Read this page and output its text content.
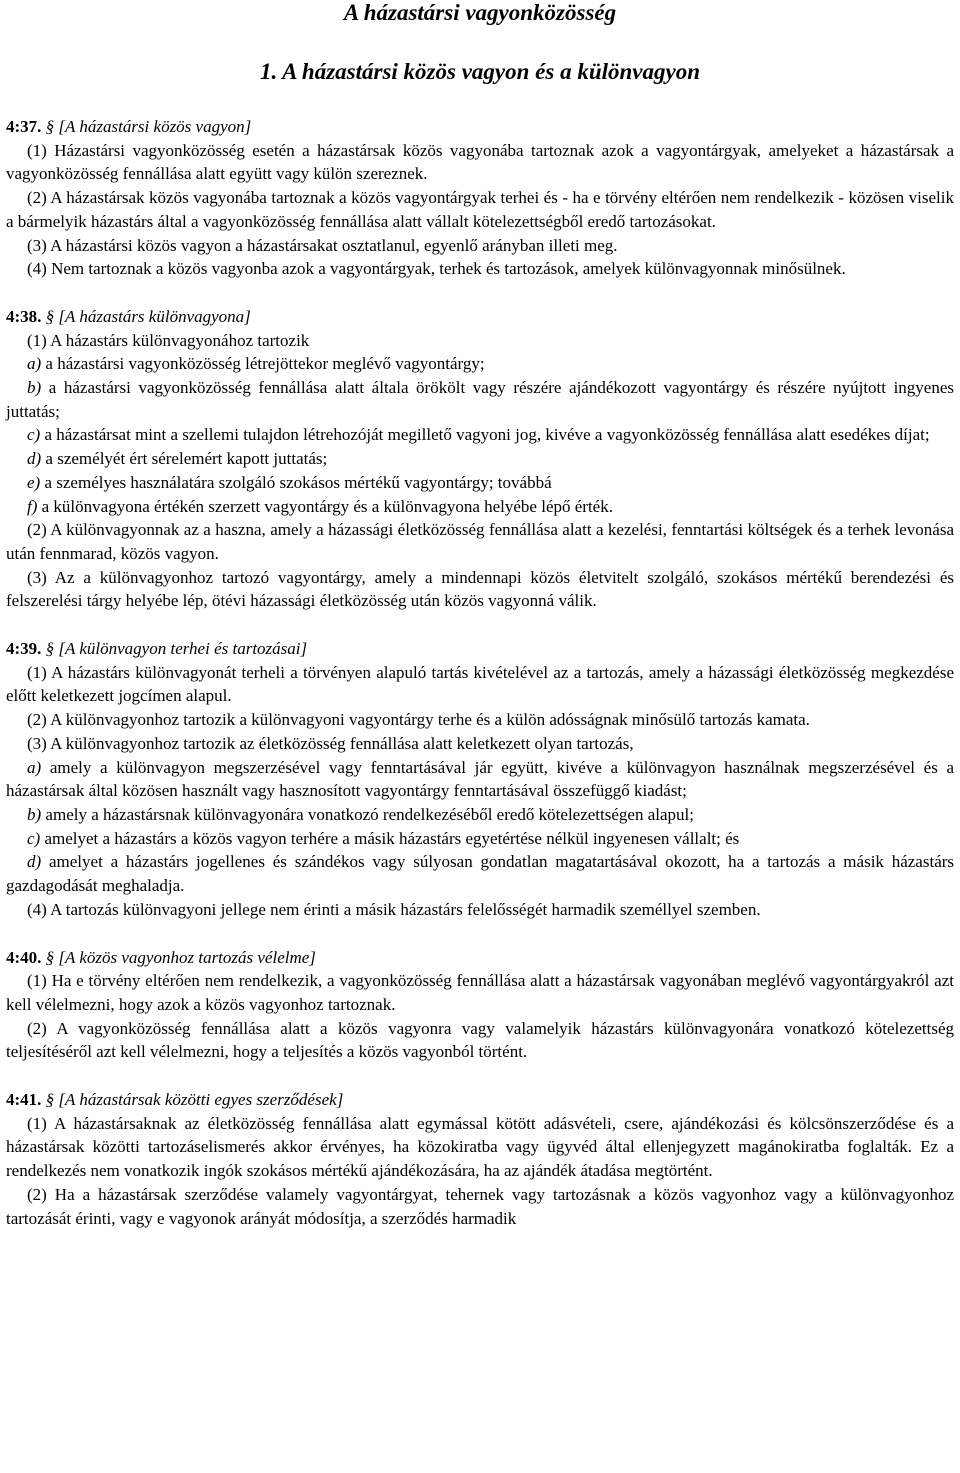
A házastársi vagyonközösség
1. A házastársi közös vagyon és a különvagyon

4:37. § [A házastársi közös vagyon]

(1) Házastársi vagyonközösség esetén a házastársak közös vagyonába tartoznak azok a vagyontárgyak, amelyeket a házastársak a vagyonközösség fennállása alatt együtt vagy külön szereznek.

(2) A házastársak közös vagyonába tartoznak a közös vagyontárgyak terhei és - ha e törvény eltérően nem rendelkezik - közösen viselik a bármelyik házastárs által a vagyonközösség fennállása alatt vállalt kötelezettségből eredő tartozásokat.

(3) A házastársi közös vagyon a házastársakat osztatlanul, egyenlő arányban illeti meg.

(4) Nem tartoznak a közös vagyonba azok a vagyontárgyak, terhek és tartozások, amelyek különvagyonnak minősülnek.

4:38. § [A házastárs különvagyona]

(1) A házastárs különvagyonához tartozik

a) a házastársi vagyonközösség létrejöttekor meglévő vagyontárgy;

b) a házastársi vagyonközösség fennállása alatt általa örökölt vagy részére ajándékozott vagyontárgy és részére nyújtott ingyenes juttatás;

c) a házastársat mint a szellemi tulajdon létrehozóját megillető vagyoni jog, kivéve a vagyonközösség fennállása alatt esedékes díjat;

d) a személyét ért sérelemért kapott juttatás;

e) a személyes használatára szolgáló szokásos mértékű vagyontárgy; továbbá

f) a különvagyona értékén szerzett vagyontárgy és a különvagyona helyébe lépő érték.

(2) A különvagyonnak az a haszna, amely a házassági életközösség fennállása alatt a kezelési, fenntartási költségek és a terhek levonása után fennmarad, közös vagyon.

(3) Az a különvagyonhoz tartozó vagyontárgy, amely a mindennapi közös életvitelt szolgáló, szokásos mértékű berendezési és felszerelési tárgy helyébe lép, ötévi házassági életközösség után közös vagyonná válik.

4:39. § [A különvagyon terhei és tartozásai]

(1) A házastárs különvagyonát terheli a törvényen alapuló tartás kivételével az a tartozás, amely a házassági életközösség megkezdése előtt keletkezett jogcímen alapul.

(2) A különvagyonhoz tartozik a különvagyoni vagyontárgy terhe és a külön adósságnak minősülő tartozás kamata.

(3) A különvagyonhoz tartozik az életközösség fennállása alatt keletkezett olyan tartozás,

a) amely a különvagyon megszerzésével vagy fenntartásával jár együtt, kivéve a különvagyon használnak megszerzésével és a házastársak által közösen használt vagy hasznosított vagyontárgy fenntartásával összefüggő kiadást;

b) amely a házastársnak különvagyonára vonatkozó rendelkezéséből eredő kötelezettségen alapul;

c) amelyet a házastárs a közös vagyon terhére a másik házastárs egyetértése nélkül ingyenesen vállalt; és

d) amelyet a házastárs jogellenes és szándékos vagy súlyosan gondatlan magatartásával okozott, ha a tartozás a másik házastárs gazdagodását meghaladja.

(4) A tartozás különvagyoni jellege nem érinti a másik házastárs felelősségét harmadik személlyel szemben.

4:40. § [A közös vagyonhoz tartozás vélelme]

(1) Ha e törvény eltérően nem rendelkezik, a vagyonközösség fennállása alatt a házastársak vagyonában meglévő vagyontárgyakról azt kell vélelmezni, hogy azok a közös vagyonhoz tartoznak.

(2) A vagyonközösség fennállása alatt a közös vagyonra vagy valamelyik házastárs különvagyonára vonatkozó kötelezettség teljesítéséről azt kell vélelmezni, hogy a teljesítés a közös vagyonból történt.

4:41. § [A házastársak közötti egyes szerződések]

(1) A házastársaknak az életközösség fennállása alatt egymással kötött adásvételi, csere, ajándékozási és kölcsönszerződése és a házastársak közötti tartozáselismerés akkor érvényes, ha közokiratba vagy ügyvéd által ellenjegyzett magánokiratba foglalták. Ez a rendelkezés nem vonatkozik ingók szokásos mértékű ajándékozására, ha az ajándék átadása megtörtént.

(2) Ha a házastársak szerződése valamely vagyontárgyat, tehernek vagy tartozásnak a közös vagyonhoz vagy a különvagyonhoz tartozását érinti, vagy e vagyonok arányát módosítja, a szerződés harmadik
